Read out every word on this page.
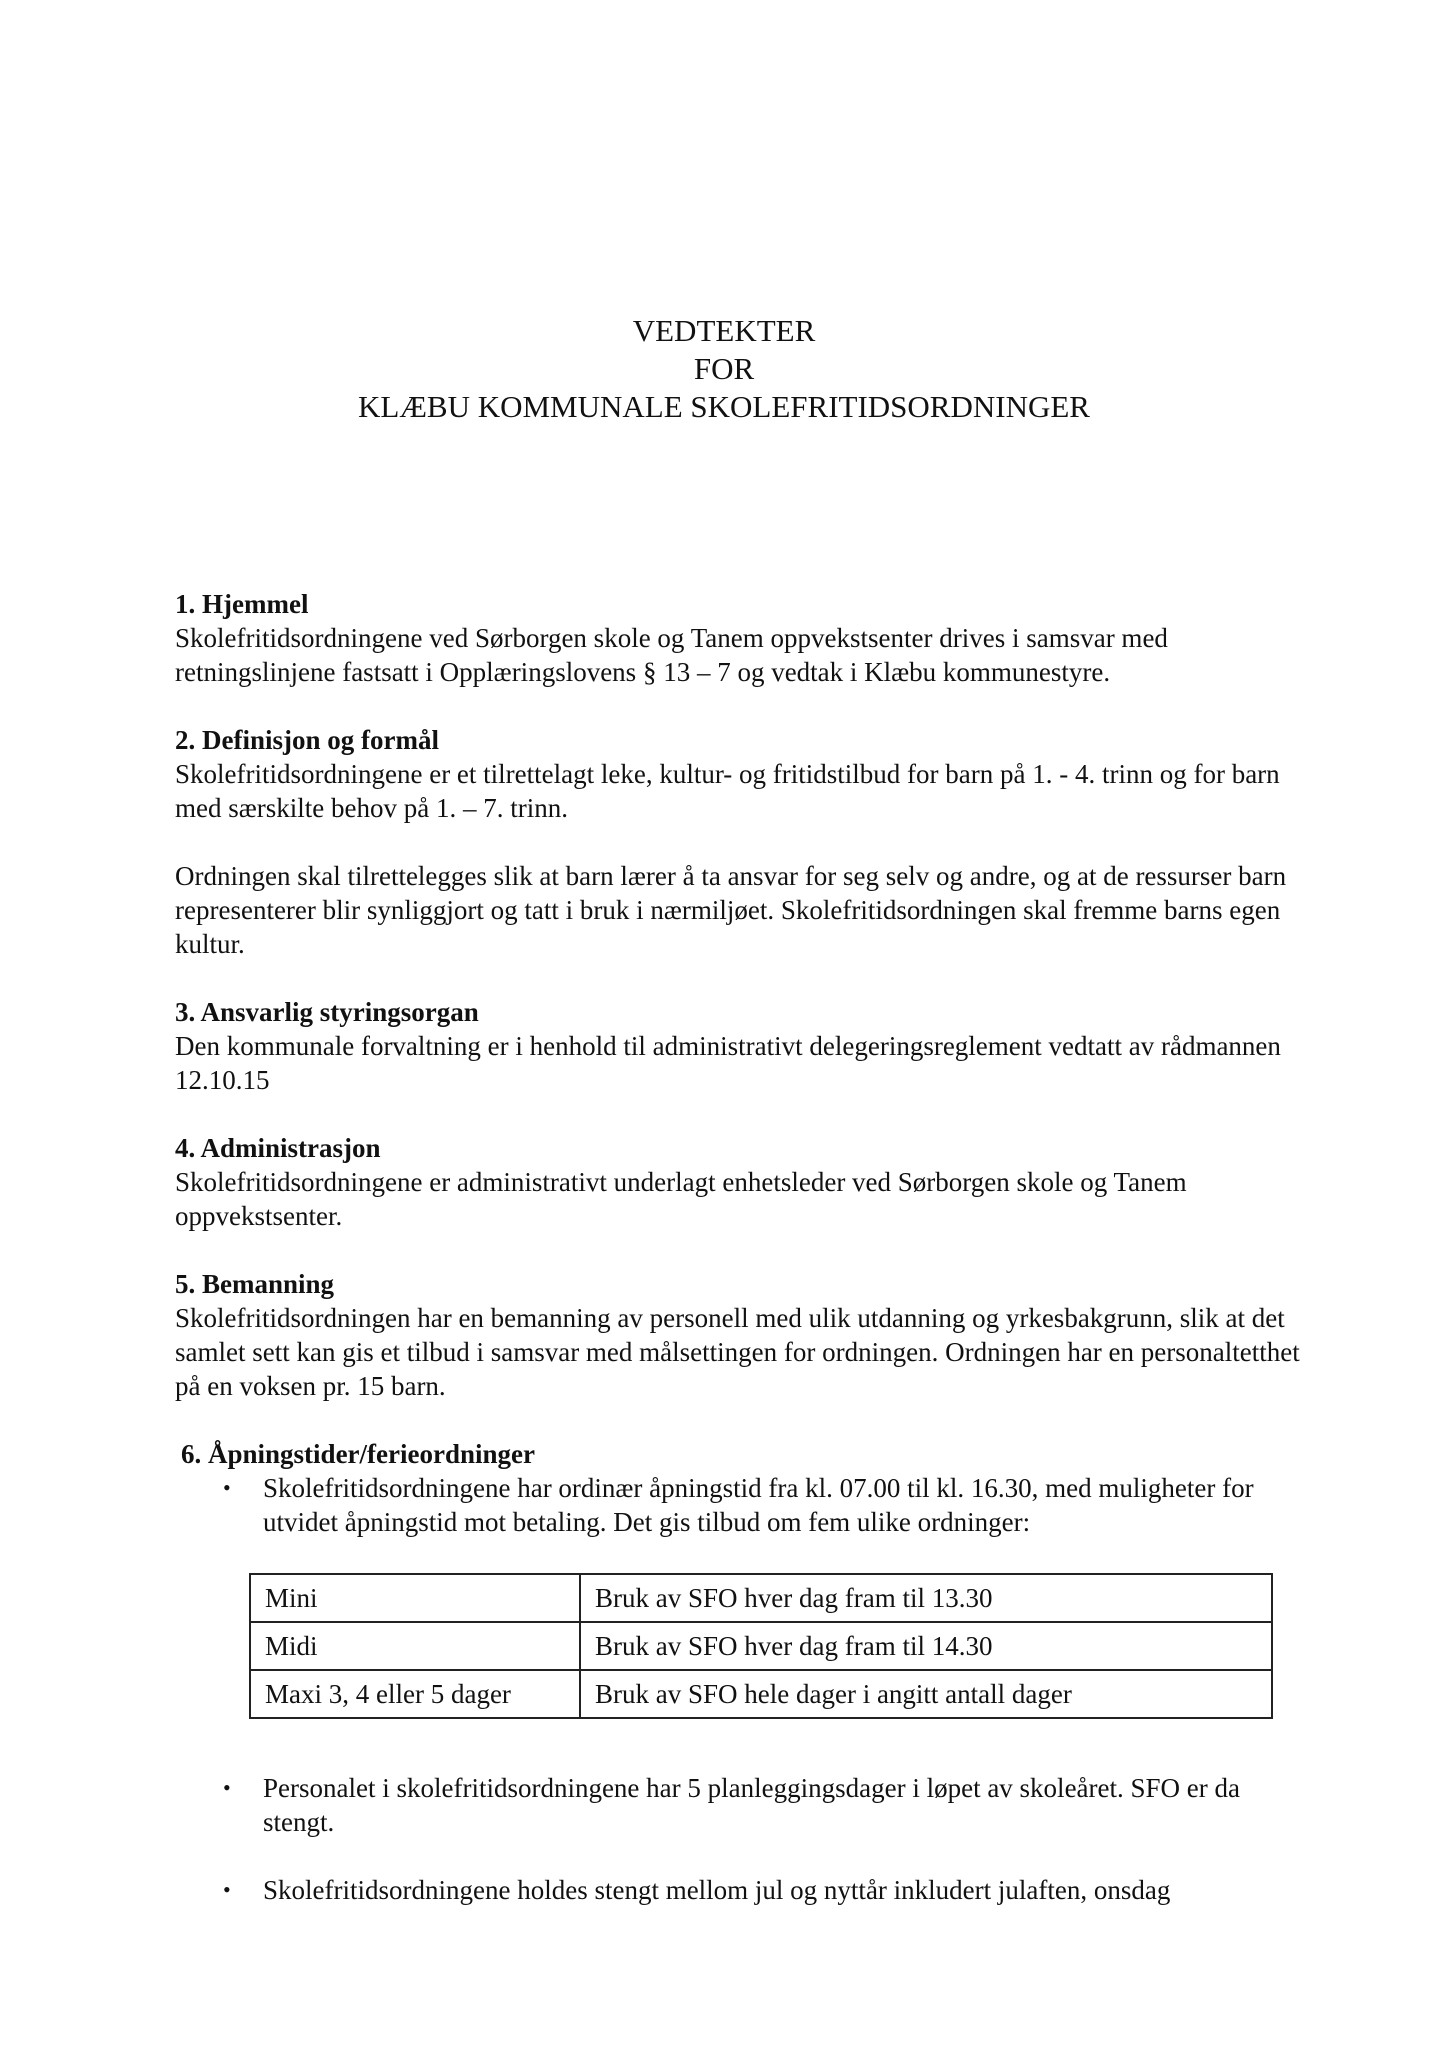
VEDTEKTER
FOR
KLÆBU KOMMUNALE SKOLEFRITIDSORDNINGER
1. Hjemmel

Skolefritidsordningene ved Sørborgen skole og Tanem oppvekstsenter drives i samsvar med retningslinjene fastsatt i Opplæringslovens § 13 – 7 og vedtak i Klæbu kommunestyre.

2. Definisjon og formål

Skolefritidsordningene er et tilrettelagt leke, kultur- og fritidstilbud for barn på 1. - 4. trinn og for barn med særskilte behov på 1. – 7. trinn.

Ordningen skal tilrettelegges slik at barn lærer å ta ansvar for seg selv og andre, og at de ressurser barn representerer blir synliggjort og tatt i bruk i nærmiljøet. Skolefritidsordningen skal fremme barns egen kultur.

3. Ansvarlig styringsorgan

Den kommunale forvaltning er i henhold til administrativt delegeringsreglement vedtatt av rådmannen 12.10.15

4. Administrasjon

Skolefritidsordningene er administrativt underlagt enhetsleder ved Sørborgen skole og Tanem oppvekstsenter.

5. Bemanning

Skolefritidsordningen har en bemanning av personell med ulik utdanning og yrkesbakgrunn, slik at det samlet sett kan gis et tilbud i samsvar med målsettingen for ordningen. Ordningen har en personaltetthet på en voksen pr. 15 barn.

6. Åpningstider/ferieordninger
• Skolefritidsordningene har ordinær åpningstid fra kl. 07.00 til kl. 16.30, med muligheter for utvidet åpningstid mot betaling. Det gis tilbud om fem ulike ordninger:
Mini	Bruk av SFO hver dag fram til 13.30
Midi	Bruk av SFO hver dag fram til 14.30
Maxi 3, 4 eller 5 dager	Bruk av SFO hele dager i angitt antall dager
• Personalet i skolefritidsordningene har 5 planleggingsdager i løpet av skoleåret. SFO er da stengt.
• Skolefritidsordningene holdes stengt mellom jul og nyttår inkludert julaften, onsdag
